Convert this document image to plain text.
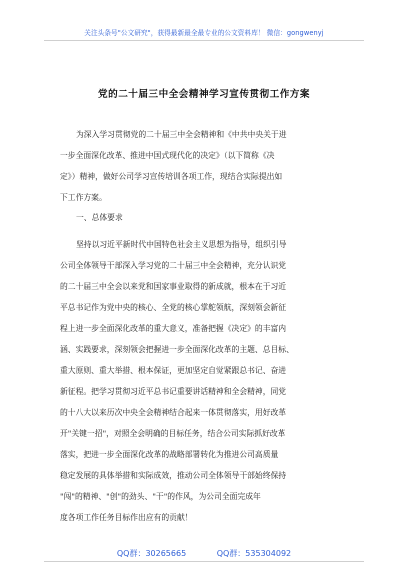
关注头条号"公文研究"，获得最新最全最专业的公文资料库！ 微信：gongwenyj
党的二十届三中全会精神学习宣传贯彻工作方案
为深入学习贯彻党的二十届三中全会精神和《中共中央关于进
一步全面深化改革、推进中国式现代化的决定》（以下简称《决
定》）精神，做好公司学习宣传培训各项工作，现结合实际提出如
下工作方案。
一、总体要求
坚持以习近平新时代中国特色社会主义思想为指导，组织引导
公司全体领导干部深入学习党的二十届三中全会精神，充分认识党
的二十届三中全会以来党和国家事业取得的新成就，根本在于习近
平总书记作为党中央的核心、全党的核心掌舵领航，深刻领会新征
程上进一步全面深化改革的重大意义，准备把握《决定》的丰富内
涵、实践要求，深刻领会把握进一步全面深化改革的主题、总目标、
重大原则、重大举措、根本保证，更加坚定自觉紧跟总书记、奋进
新征程。把学习贯彻习近平总书记重要讲话精神和全会精神，同党
的十八大以来历次中央全会精神结合起来一体贯彻落实，用好改革
开"关键一招"，对照全会明确的目标任务，结合公司实际抓好改革
落实，把进一步全面深化改革的战略部署转化为推进公司高质量
稳定发展的具体举措和实际成效，推动公司全体领导干部始终保持
"闯"的精神、"创"的劲头、"干"的作风，为公司全面完成年
度各项工作任务目标作出应有的贡献！
QQ群：30265665	QQ群：535304092
